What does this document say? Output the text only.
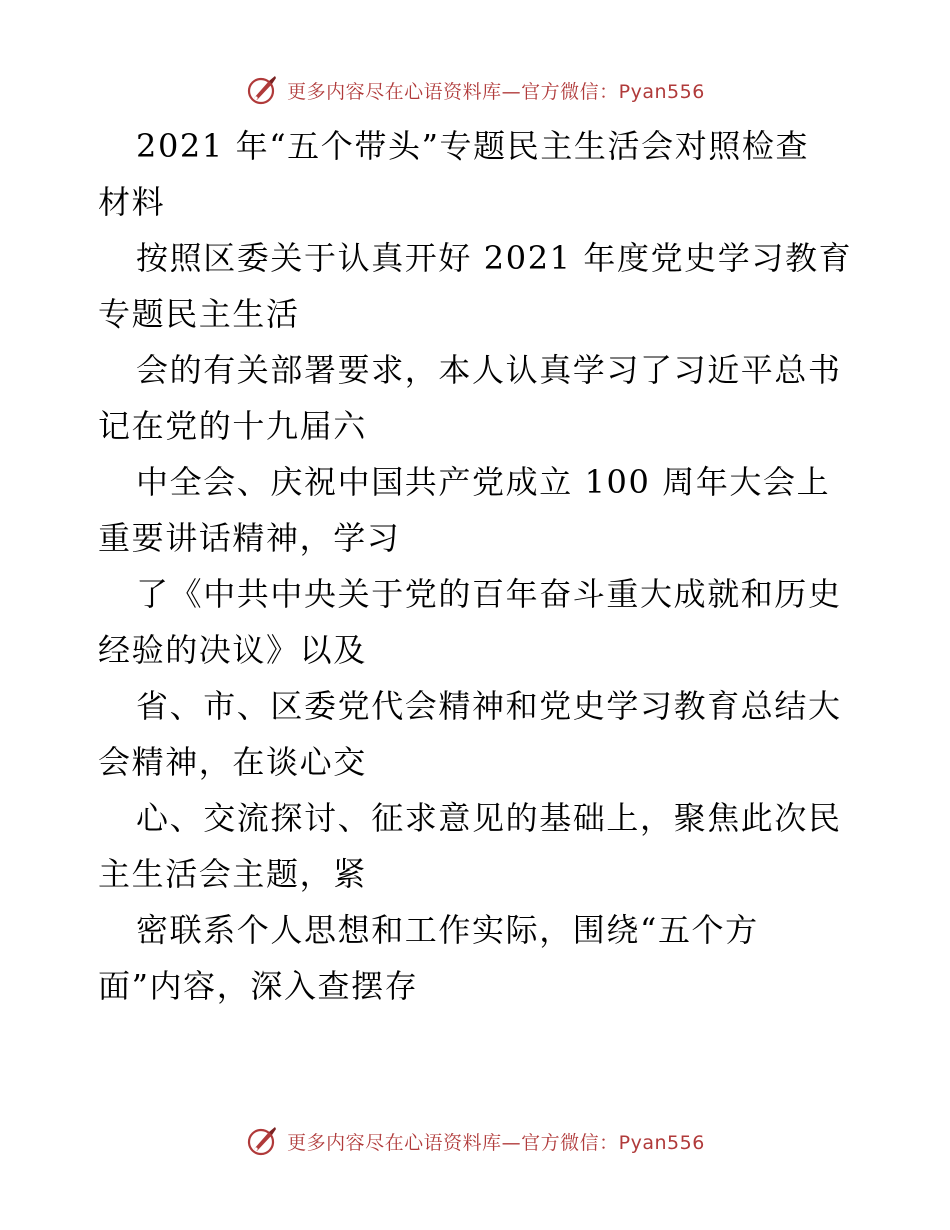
更多内容尽在心语资料库—官方微信：Pyan556
2021 年“五个带头”专题民主生活会对照检查
材料
按照区委关于认真开好 2021 年度党史学习教育
专题民主生活
会的有关部署要求，本人认真学习了习近平总书
记在党的十九届六
中全会、庆祝中国共产党成立 100 周年大会上
重要讲话精神，学习
了《中共中央关于党的百年奋斗重大成就和历史
经验的决议》以及
省、市、区委党代会精神和党史学习教育总结大
会精神，在谈心交
心、交流探讨、征求意见的基础上，聚焦此次民
主生活会主题，紧
密联系个人思想和工作实际，围绕“五个方
面”内容，深入查摆存
更多内容尽在心语资料库—官方微信：Pyan556
